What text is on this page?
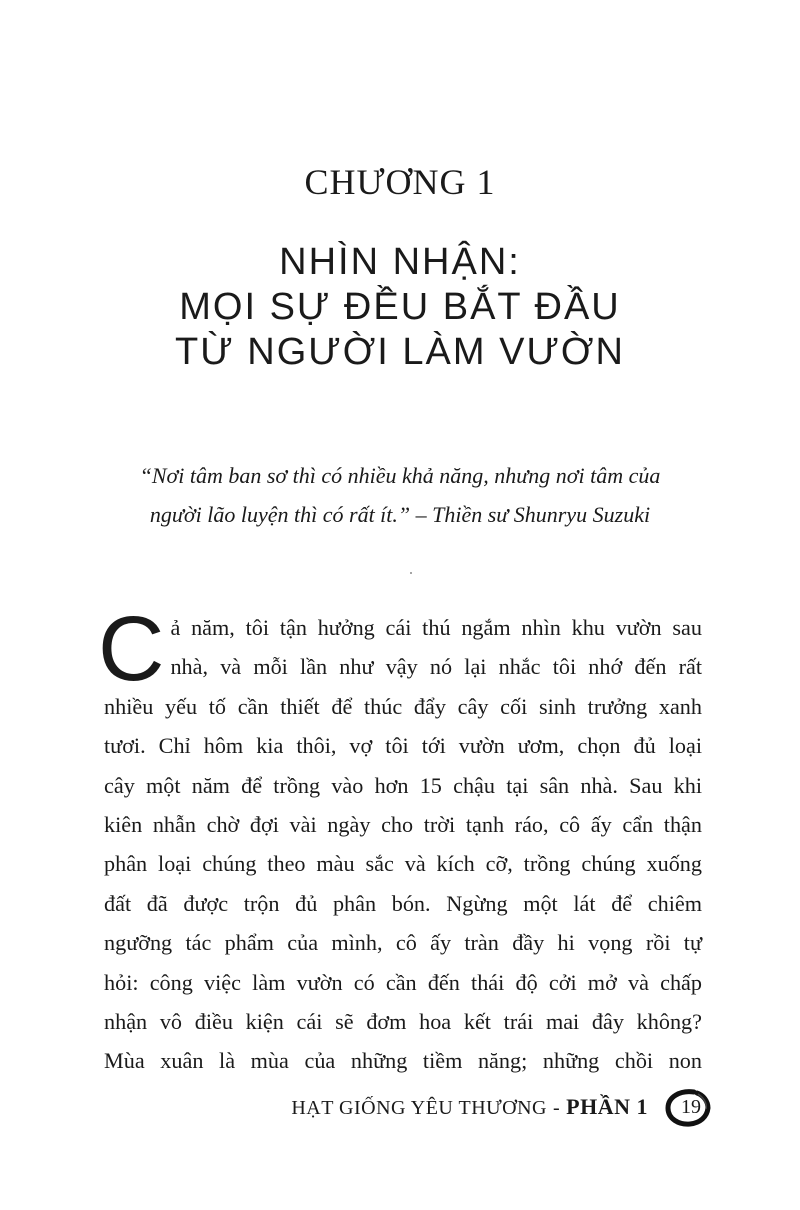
CHƯƠNG 1
NHÌN NHẬN:
MỌI SỰ ĐỀU BẮT ĐẦU
TỪ NGƯỜI LÀM VƯỜN
“Nơi tâm ban sơ thì có nhiều khả năng, nhưng nơi tâm của
người lão luyện thì có rất ít.” – Thiền sư Shunryu Suzuki
C ả năm, tôi tận hưởng cái thú ngắm nhìn khu vườn sau
nhà, và mỗi lần như vậy nó lại nhắc tôi nhớ đến rất
nhiều yếu tố cần thiết để thúc đẩy cây cối sinh trưởng xanh
tươi. Chỉ hôm kia thôi, vợ tôi tới vườn ươm, chọn đủ loại
cây một năm để trồng vào hơn 15 chậu tại sân nhà. Sau khi
kiên nhẫn chờ đợi vài ngày cho trời tạnh ráo, cô ấy cẩn thận
phân loại chúng theo màu sắc và kích cỡ, trồng chúng xuống
đất đã được trộn đủ phân bón. Ngừng một lát để chiêm
ngưỡng tác phẩm của mình, cô ấy tràn đầy hi vọng rồi tự
hỏi: công việc làm vườn có cần đến thái độ cởi mở và chấp
nhận vô điều kiện cái sẽ đơm hoa kết trái mai đây không?
Mùa xuân là mùa của những tiềm năng; những chồi non
HẠT GIỐNG YÊU THƯƠNG - PHẦN 1 19
